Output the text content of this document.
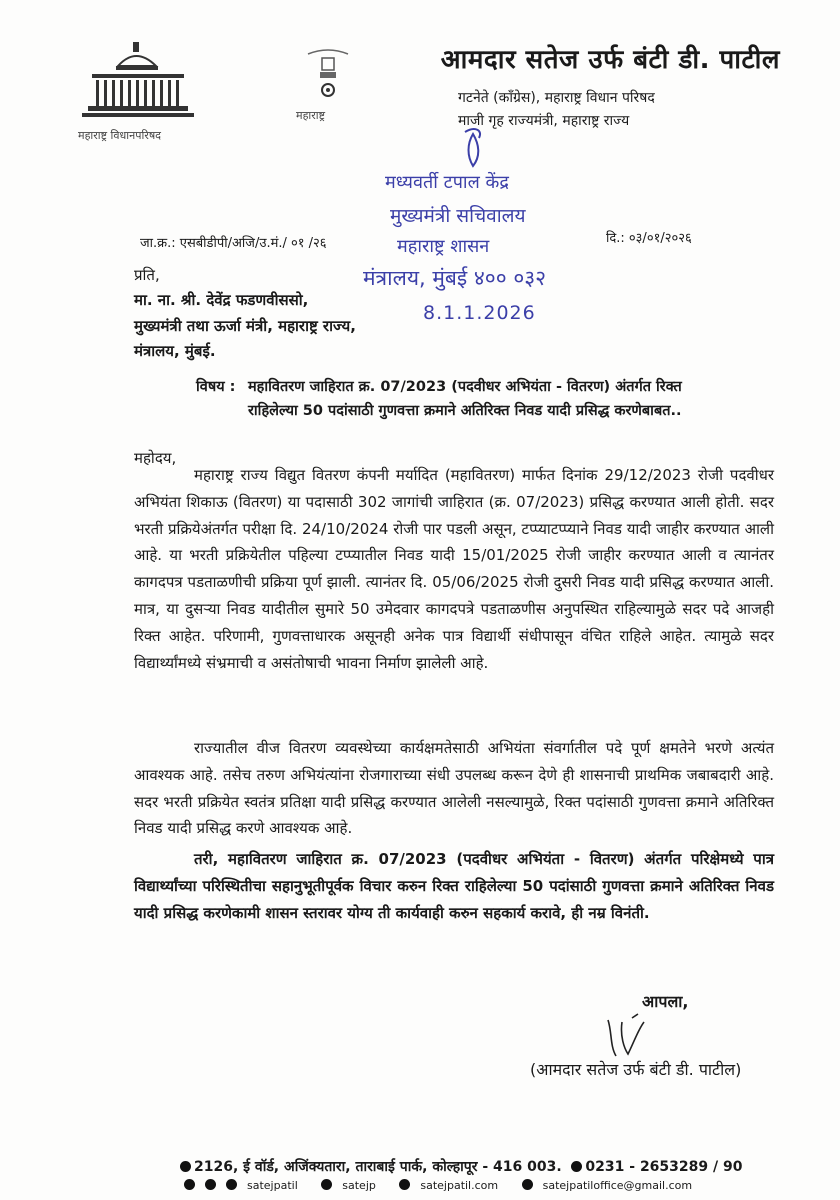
महाराष्ट्र विधानपरिषद
महाराष्ट्र
आमदार सतेज उर्फ बंटी डी. पाटील
गटनेते (काँग्रेस), महाराष्ट्र विधान परिषद
माजी गृह राज्यमंत्री, महाराष्ट्र राज्य
मध्यवर्ती टपाल केंद्र
मुख्यमंत्री सचिवालय
महाराष्ट्र शासन
मंत्रालय, मुंबई ४०० ०३२
8.1.1.2026
जा.क्र.: एसबीडीपी/अजि/उ.मं./ ०१ /२६	दि.: ०३/०१/२०२६
प्रति,
मा. ना. श्री. देवेंद्र फडणवीससो,
मुख्यमंत्री तथा ऊर्जा मंत्री, महाराष्ट्र राज्य,
मंत्रालय, मुंबई.
विषय : महावितरण जाहिरात क्र. 07/2023 (पदवीधर अभियंता - वितरण) अंतर्गत रिक्त राहिलेल्या 50 पदांसाठी गुणवत्ता क्रमाने अतिरिक्त निवड यादी प्रसिद्ध करणेबाबत..
महोदय,
महाराष्ट्र राज्य विद्युत वितरण कंपनी मर्यादित (महावितरण) मार्फत दिनांक 29/12/2023 रोजी पदवीधर अभियंता शिकाऊ (वितरण) या पदासाठी 302 जागांची जाहिरात (क्र. 07/2023) प्रसिद्ध करण्यात आली होती. सदर भरती प्रक्रियेअंतर्गत परीक्षा दि. 24/10/2024 रोजी पार पडली असून, टप्प्याटप्प्याने निवड यादी जाहीर करण्यात आली आहे. या भरती प्रक्रियेतील पहिल्या टप्प्यातील निवड यादी 15/01/2025 रोजी जाहीर करण्यात आली व त्यानंतर कागदपत्र पडताळणीची प्रक्रिया पूर्ण झाली. त्यानंतर दि. 05/06/2025 रोजी दुसरी निवड यादी प्रसिद्ध करण्यात आली. मात्र, या दुसऱ्या निवड यादीतील सुमारे 50 उमेदवार कागदपत्रे पडताळणीस अनुपस्थित राहिल्यामुळे सदर पदे आजही रिक्त आहेत. परिणामी, गुणवत्ताधारक असूनही अनेक पात्र विद्यार्थी संधीपासून वंचित राहिले आहेत. त्यामुळे सदर विद्यार्थ्यांमध्ये संभ्रमाची व असंतोषाची भावना निर्माण झालेली आहे.
राज्यातील वीज वितरण व्यवस्थेच्या कार्यक्षमतेसाठी अभियंता संवर्गातील पदे पूर्ण क्षमतेने भरणे अत्यंत आवश्यक आहे. तसेच तरुण अभियंत्यांना रोजगाराच्या संधी उपलब्ध करून देणे ही शासनाची प्राथमिक जबाबदारी आहे. सदर भरती प्रक्रियेत स्वतंत्र प्रतिक्षा यादी प्रसिद्ध करण्यात आलेली नसल्यामुळे, रिक्त पदांसाठी गुणवत्ता क्रमाने अतिरिक्त निवड यादी प्रसिद्ध करणे आवश्यक आहे.
तरी, महावितरण जाहिरात क्र. 07/2023 (पदवीधर अभियंता - वितरण) अंतर्गत परिक्षेमध्ये पात्र विद्यार्थ्यांच्या परिस्थितीचा सहानुभूतीपूर्वक विचार करुन रिक्त राहिलेल्या 50 पदांसाठी गुणवत्ता क्रमाने अतिरिक्त निवड यादी प्रसिद्ध करणेकामी शासन स्तरावर योग्य ती कार्यवाही करुन सहकार्य करावे, ही नम्र विनंती.
आपला,
(आमदार सतेज उर्फ बंटी डी. पाटील)
2126, ई वॉर्ड, अजिंक्यतारा, ताराबाई पार्क, कोल्हापूर - 416 003. 0231 - 2653289 / 90
satejpatil	satejp	satejpatil.com	satejpatiloffice@gmail.com
